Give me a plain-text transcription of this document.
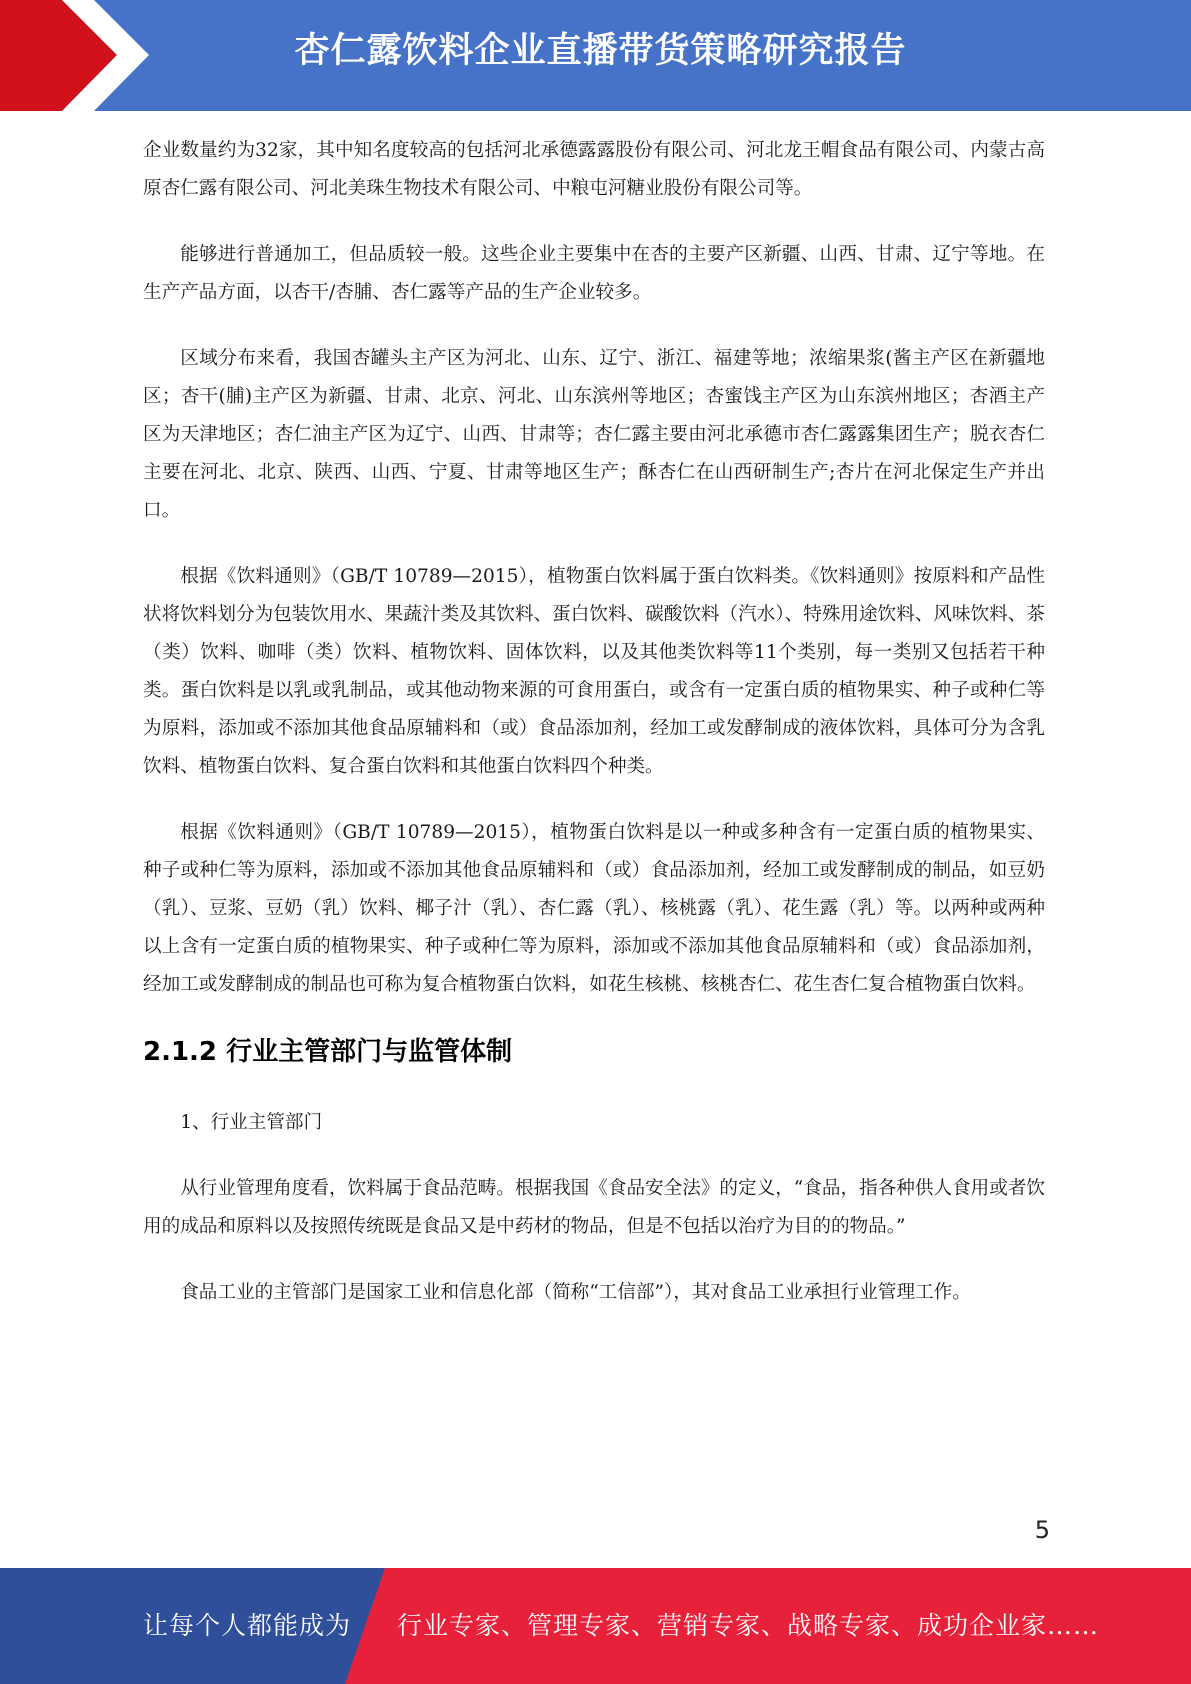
杏仁露饮料企业直播带货策略研究报告

企业数量约为32家，其中知名度较高的包括河北承德露露股份有限公司、河北龙王帽食品有限公司、内蒙古高原杏仁露有限公司、河北美珠生物技术有限公司、中粮屯河糖业股份有限公司等。

能够进行普通加工，但品质较一般。这些企业主要集中在杏的主要产区新疆、山西、甘肃、辽宁等地。在生产产品方面，以杏干/杏脯、杏仁露等产品的生产企业较多。

区域分布来看，我国杏罐头主产区为河北、山东、辽宁、浙江、福建等地；浓缩果浆(酱主产区在新疆地区；杏干(脯)主产区为新疆、甘肃、北京、河北、山东滨州等地区；杏蜜饯主产区为山东滨州地区；杏酒主产区为天津地区；杏仁油主产区为辽宁、山西、甘肃等；杏仁露主要由河北承德市杏仁露露集团生产；脱衣杏仁主要在河北、北京、陕西、山西、宁夏、甘肃等地区生产；酥杏仁在山西研制生产;杏片在河北保定生产并出口。

根据《饮料通则》（GB/T 10789—2015），植物蛋白饮料属于蛋白饮料类。《饮料通则》按原料和产品性状将饮料划分为包装饮用水、果蔬汁类及其饮料、蛋白饮料、碳酸饮料（汽水）、特殊用途饮料、风味饮料、茶（类）饮料、咖啡（类）饮料、植物饮料、固体饮料，以及其他类饮料等11个类别，每一类别又包括若干种类。蛋白饮料是以乳或乳制品，或其他动物来源的可食用蛋白，或含有一定蛋白质的植物果实、种子或种仁等为原料，添加或不添加其他食品原辅料和（或）食品添加剂，经加工或发酵制成的液体饮料，具体可分为含乳饮料、植物蛋白饮料、复合蛋白饮料和其他蛋白饮料四个种类。

根据《饮料通则》（GB/T 10789—2015），植物蛋白饮料是以一种或多种含有一定蛋白质的植物果实、种子或种仁等为原料，添加或不添加其他食品原辅料和（或）食品添加剂，经加工或发酵制成的制品，如豆奶（乳）、豆浆、豆奶（乳）饮料、椰子汁（乳）、杏仁露（乳）、核桃露（乳）、花生露（乳）等。以两种或两种以上含有一定蛋白质的植物果实、种子或种仁等为原料，添加或不添加其他食品原辅料和（或）食品添加剂，经加工或发酵制成的制品也可称为复合植物蛋白饮料，如花生核桃、核桃杏仁、花生杏仁复合植物蛋白饮料。

2.1.2 行业主管部门与监管体制

1、行业主管部门

从行业管理角度看，饮料属于食品范畴。根据我国《食品安全法》的定义，“食品，指各种供人食用或者饮用的成品和原料以及按照传统既是食品又是中药材的物品，但是不包括以治疗为目的的物品。”

食品工业的主管部门是国家工业和信息化部（简称“工信部”），其对食品工业承担行业管理工作。

5
让每个人都能成为 行业专家、管理专家、营销专家、战略专家、成功企业家……
